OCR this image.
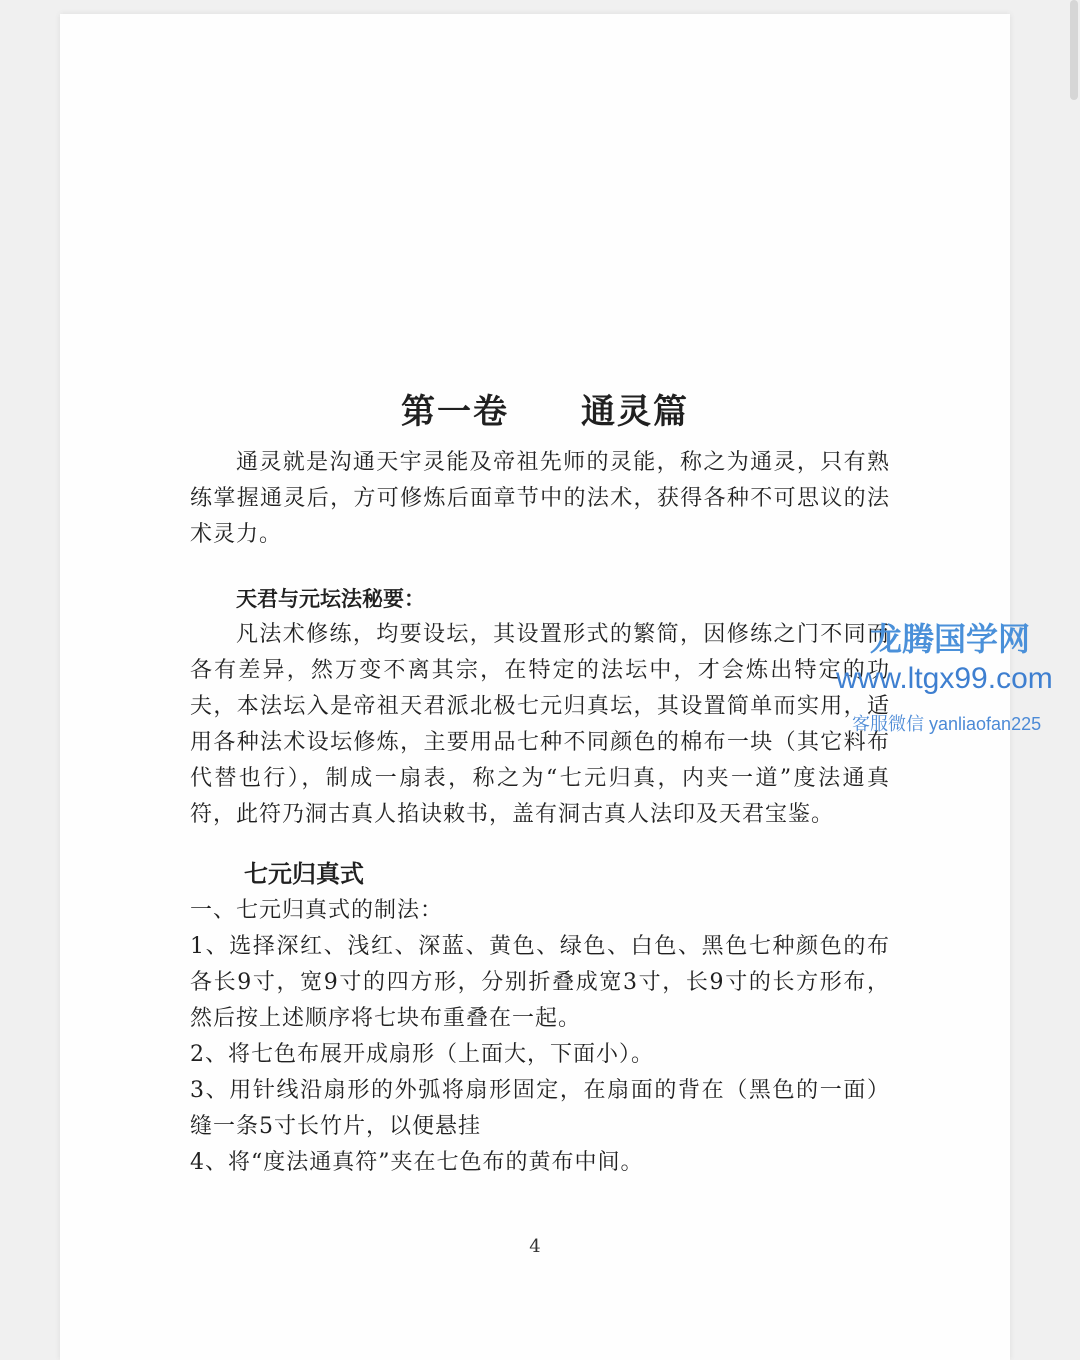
第一卷　　通灵篇

通灵就是沟通天宇灵能及帝祖先师的灵能，称之为通灵，只有熟练掌握通灵后，方可修炼后面章节中的法术，获得各种不可思议的法术灵力。

天君与元坛法秘要：

凡法术修练，均要设坛，其设置形式的繁简，因修练之门不同而各有差异，然万变不离其宗，在特定的法坛中，才会炼出特定的功夫，本法坛入是帝祖天君派北极七元归真坛，其设置简单而实用，适用各种法术设坛修炼，主要用品七种不同颜色的棉布一块（其它料布代替也行），制成一扇表，称之为“七元归真，内夹一道”度法通真符，此符乃洞古真人掐诀敕书，盖有洞古真人法印及天君宝鉴。

七元归真式

一、七元归真式的制法：

1、选择深红、浅红、深蓝、黄色、绿色、白色、黑色七种颜色的布各长9寸，宽9寸的四方形，分别折叠成宽3寸，长9寸的长方形布，然后按上述顺序将七块布重叠在一起。

2、将七色布展开成扇形（上面大，下面小）。

3、用针线沿扇形的外弧将扇形固定，在扇面的背在（黑色的一面）缝一条5寸长竹片，以便悬挂

4、将“度法通真符”夹在七色布的黄布中间。

4
龙腾国学网
www.ltgx99.com
客服微信 yanliaofan225
